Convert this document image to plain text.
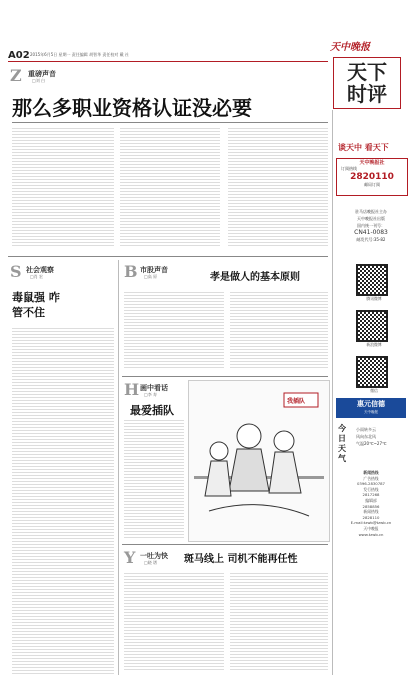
A02 2015年6月5日 星期一 责任编辑 胡智华 责任校对 戴 社
天中晚报
天下时评
谈天中 看天下
Z 重磅声音
□刘 白
那么多职业资格认证没必要
S 社会观察
□肖 宏
毒鼠强 咋管不住
B 市股声音
□高 原	孝是做人的基本原则
H 画中看话
□李 寿
最爱插队
我插队
Y 一吐为快
□晓 谱	斑马线上 司机不能再任性
天中晚报社
订阅热线
2820110
邮局订阅
驻马店晚报社主办
天中晚报社出版
国内统一刊号：
CN41-0083
邮发代号:35-82
腾讯微博
新浪微博
微信
惠元信德
天中晚报
今日天气
小雨转多云
风向东北风
气温20℃~27℃
新闻热线
广告热线
0396-2830787
发行热线
2817268
编辑部
2858856
新闻热线
2828110
E-mail:tzwb@tzwb.cn
天中晚报
www.tzwb.cn
